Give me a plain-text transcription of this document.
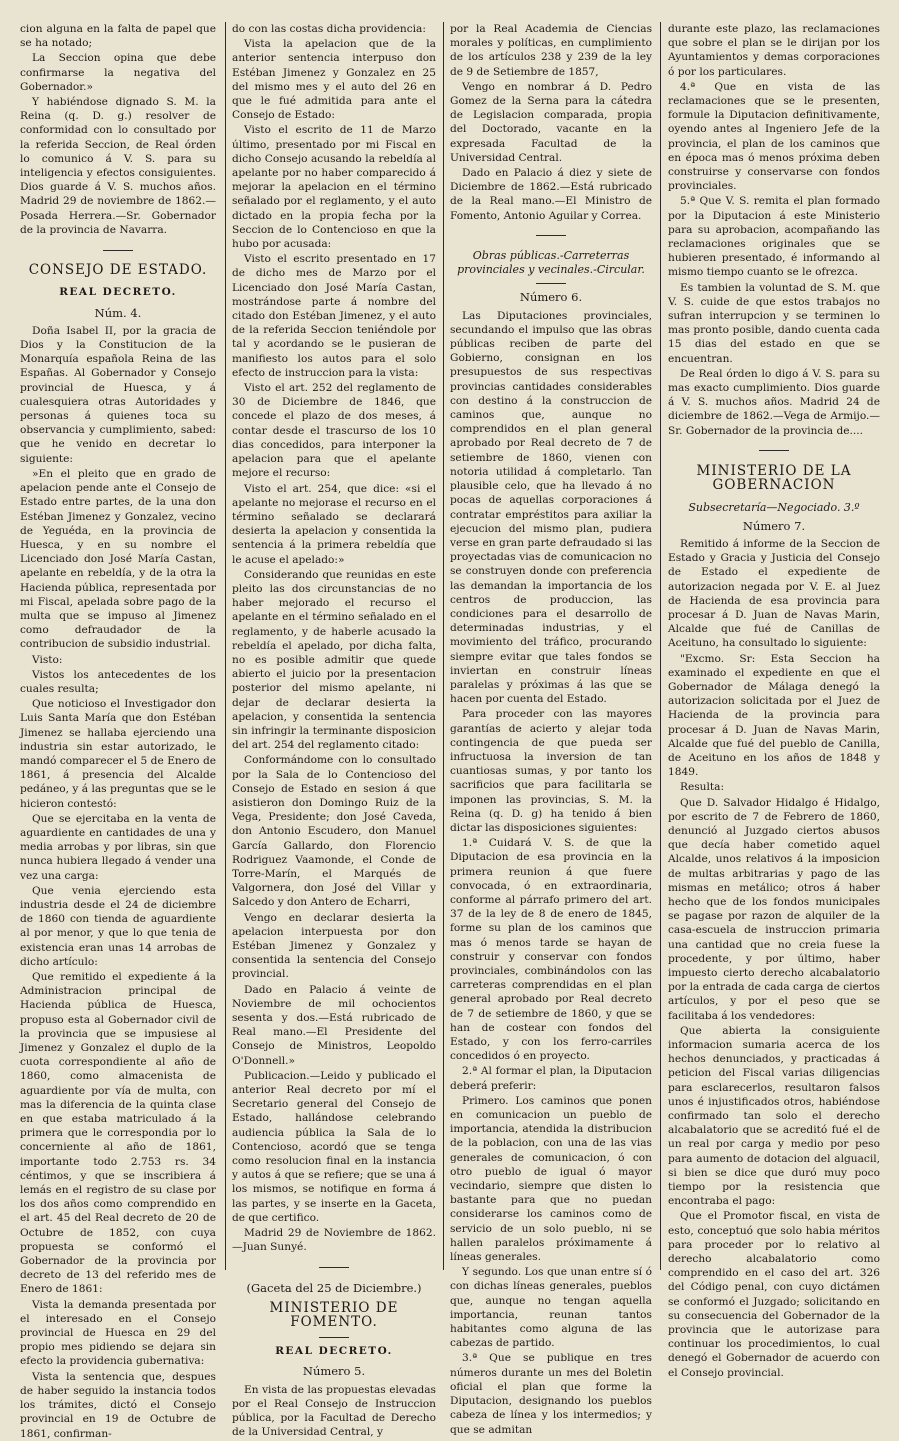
cion alguna en la falta de papel que se ha notado;

La Seccion opina que debe confirmarse la negativa del Gobernador.»

Y habiéndose dignado S. M. la Reina (q. D. g.) resolver de conformidad con lo consultado por la referida Seccion, de Real órden lo comunico á V. S. para su inteligencia y efectos consiguientes. Dios guarde á V. S. muchos años. Madrid 29 de noviembre de 1862.—Posada Herrera.—Sr. Gobernador de la provincia de Navarra.

CONSEJO DE ESTADO.

REAL DECRETO.

Núm. 4.

Doña Isabel II, por la gracia de Dios y la Constitucion de la Monarquía española Reina de las Españas. Al Gobernador y Consejo provincial de Huesca, y á cualesquiera otras Autoridades y personas á quienes toca su observancia y cumplimiento, sabed: que he venido en decretar lo siguiente:

»En el pleito que en grado de apelacion pende ante el Consejo de Estado entre partes, de la una don Estéban Jimenez y Gonzalez, vecino de Yeguéda, en la provincia de Huesca, y en su nombre el Licenciado don José María Castan, apelante en rebeldía, y de la otra la Hacienda pública, representada por mi Fiscal, apelada sobre pago de la multa que se impuso al Jimenez como defraudador de la contribucion de subsidio industrial.

Visto:

Vistos los antecedentes de los cuales resulta;

Que noticioso el Investigador don Luis Santa María que don Estéban Jimenez se hallaba ejerciendo una industria sin estar autorizado, le mandó comparecer el 5 de Enero de 1861, á presencia del Alcalde pedáneo, y á las preguntas que se le hicieron contestó:

Que se ejercitaba en la venta de aguardiente en cantidades de una y media arrobas y por libras, sin que nunca hubiera llegado á vender una vez una carga:

Que venia ejerciendo esta industria desde el 24 de diciembre de 1860 con tienda de aguardiente al por menor, y que lo que tenia de existencia eran unas 14 arrobas de dicho artículo:

Que remitido el expediente á la Administracion principal de Hacienda pública de Huesca, propuso esta al Gobernador civil de la provincia que se impusiese al Jimenez y Gonzalez el duplo de la cuota correspondiente al año de 1860, como almacenista de aguardiente por vía de multa, con mas la diferencia de la quinta clase en que estaba matriculado á la primera que le correspondia por lo concerniente al año de 1861, importante todo 2.753 rs. 34 céntimos, y que se inscribiera á lemás en el registro de su clase por los dos años como comprendido en el art. 45 del Real decreto de 20 de Octubre de 1852, con cuya propuesta se conformó el Gobernador de la provincia por decreto de 13 del referido mes de Enero de 1861:

Vista la demanda presentada por el interesado en el Consejo provincial de Huesca en 29 del propio mes pidiendo se dejara sin efecto la providencia gubernativa:

Vista la sentencia que, despues de haber seguido la instancia todos los trámites, dictó el Consejo provincial en 19 de Octubre de 1861, confirman-

do con las costas dicha providencia:

Vista la apelacion que de la anterior sentencia interpuso don Estéban Jimenez y Gonzalez en 25 del mismo mes y el auto del 26 en que le fué admitida para ante el Consejo de Estado:

Visto el escrito de 11 de Marzo último, presentado por mi Fiscal en dicho Consejo acusando la rebeldía al apelante por no haber comparecido á mejorar la apelacion en el término señalado por el reglamento, y el auto dictado en la propia fecha por la Seccion de lo Contencioso en que la hubo por acusada:

Visto el escrito presentado en 17 de dicho mes de Marzo por el Licenciado don José María Castan, mostrándose parte á nombre del citado don Estéban Jimenez, y el auto de la referida Seccion teniéndole por tal y acordando se le pusieran de manifiesto los autos para el solo efecto de instruccion para la vista:

Visto el art. 252 del reglamento de 30 de Diciembre de 1846, que concede el plazo de dos meses, á contar desde el trascurso de los 10 dias concedidos, para interponer la apelacion para que el apelante mejore el recurso:

Visto el art. 254, que dice: «si el apelante no mejorase el recurso en el término señalado se declarará desierta la apelacion y consentida la sentencia á la primera rebeldía que le acuse el apelado:»

Considerando que reunidas en este pleito las dos circunstancias de no haber mejorado el recurso el apelante en el término señalado en el reglamento, y de haberle acusado la rebeldía el apelado, por dicha falta, no es posible admitir que quede abierto el juicio por la presentacion posterior del mismo apelante, ni dejar de declarar desierta la apelacion, y consentida la sentencia sin infringir la terminante disposicion del art. 254 del reglamento citado:

Conformándome con lo consultado por la Sala de lo Contencioso del Consejo de Estado en sesion á que asistieron don Domingo Ruiz de la Vega, Presidente; don José Caveda, don Antonio Escudero, don Manuel García Gallardo, don Florencio Rodriguez Vaamonde, el Conde de Torre-Marín, el Marqués de Valgornera, don José del Villar y Salcedo y don Antero de Echarri,

Vengo en declarar desierta la apelacion interpuesta por don Estéban Jimenez y Gonzalez y consentida la sentencia del Consejo provincial.

Dado en Palacio á veinte de Noviembre de mil ochocientos sesenta y dos.—Está rubricado de Real mano.—El Presidente del Consejo de Ministros, Leopoldo O'Donnell.»

Publicacion.—Leido y publicado el anterior Real decreto por mí el Secretario general del Consejo de Estado, hallándose celebrando audiencia pública la Sala de lo Contencioso, acordó que se tenga como resolucion final en la instancia y autos á que se refiere; que se una á los mismos, se notifique en forma á las partes, y se inserte en la Gaceta, de que certifico.

Madrid 29 de Noviembre de 1862.—Juan Sunyé.

(Gaceta del 25 de Diciembre.)

MINISTERIO DE FOMENTO.

REAL DECRETO.

Número 5.

En vista de las propuestas elevadas por el Real Consejo de Instruccion pública, por la Facultad de Derecho de la Universidad Central, y

por la Real Academia de Ciencias morales y políticas, en cumplimiento de los artículos 238 y 239 de la ley de 9 de Setiembre de 1857,

Vengo en nombrar á D. Pedro Gomez de la Serna para la cátedra de Legislacion comparada, propia del Doctorado, vacante en la expresada Facultad de la Universidad Central.

Dado en Palacio á diez y siete de Diciembre de 1862.—Está rubricado de la Real mano.—El Ministro de Fomento, Antonio Aguilar y Correa.

Obras públicas.-Carreterras provinciales y vecinales.-Circular.

Número 6.

Las Diputaciones provinciales, secundando el impulso que las obras públicas reciben de parte del Gobierno, consignan en los presupuestos de sus respectivas provincias cantidades considerables con destino á la construccion de caminos que, aunque no comprendidos en el plan general aprobado por Real decreto de 7 de setiembre de 1860, vienen con notoria utilidad á completarlo. Tan plausible celo, que ha llevado á no pocas de aquellas corporaciones á contratar empréstitos para axiliar la ejecucion del mismo plan, pudiera verse en gran parte defraudado si las proyectadas vias de comunicacion no se construyen donde con preferencia las demandan la importancia de los centros de produccion, las condiciones para el desarrollo de determinadas industrias, y el movimiento del tráfico, procurando siempre evitar que tales fondos se inviertan en construir líneas paralelas y próximas á las que se hacen por cuenta del Estado.

Para proceder con las mayores garantías de acierto y alejar toda contingencia de que pueda ser infructuosa la inversion de tan cuantiosas sumas, y por tanto los sacrificios que para facilitarla se imponen las provincias, S. M. la Reina (q. D. g) ha tenido á bien dictar las disposiciones siguientes:

1.ª Cuidará V. S. de que la Diputacion de esa provincia en la primera reunion á que fuere convocada, ó en extraordinaria, conforme al párrafo primero del art. 37 de la ley de 8 de enero de 1845, forme su plan de los caminos que mas ó menos tarde se hayan de construir y conservar con fondos provinciales, combinándolos con las carreteras comprendidas en el plan general aprobado por Real decreto de 7 de setiembre de 1860, y que se han de costear con fondos del Estado, y con los ferro-carriles concedidos ó en proyecto.

2.ª Al formar el plan, la Diputacion deberá preferir:

Primero. Los caminos que ponen en comunicacion un pueblo de importancia, atendida la distribucion de la poblacion, con una de las vias generales de comunicacion, ó con otro pueblo de igual ó mayor vecindario, siempre que disten lo bastante para que no puedan considerarse los caminos como de servicio de un solo pueblo, ni se hallen paralelos próximamente á líneas generales.

Y segundo. Los que unan entre sí ó con dichas líneas generales, pueblos que, aunque no tengan aquella importancia, reunan tantos habitantes como alguna de las cabezas de partido.

3.ª Que se publique en tres números durante un mes del Boletin oficial el plan que forme la Diputacion, designando los pueblos cabeza de línea y los intermedios; y que se admitan

durante este plazo, las reclamaciones que sobre el plan se le dirijan por los Ayuntamientos y demas corporaciones ó por los particulares.

4.ª Que en vista de las reclamaciones que se le presenten, formule la Diputacion definitivamente, oyendo antes al Ingeniero Jefe de la provincia, el plan de los caminos que en época mas ó menos próxima deben construirse y conservarse con fondos provinciales.

5.ª Que V. S. remita el plan formado por la Diputacion á este Ministerio para su aprobacion, acompañando las reclamaciones originales que se hubieren presentado, é informando al mismo tiempo cuanto se le ofrezca.

Es tambien la voluntad de S. M. que V. S. cuide de que estos trabajos no sufran interrupcion y se terminen lo mas pronto posible, dando cuenta cada 15 dias del estado en que se encuentran.

De Real órden lo digo á V. S. para su mas exacto cumplimiento. Dios guarde á V. S. muchos años. Madrid 24 de diciembre de 1862.—Vega de Armijo.—Sr. Gobernador de la provincia de....

MINISTERIO DE LA GOBERNACION

Subsecretaría—Negociado. 3.º

Número 7.

Remitido á informe de la Seccion de Estado y Gracia y Justicia del Consejo de Estado el expediente de autorizacion negada por V. E. al Juez de Hacienda de esa provincia para procesar á D. Juan de Navas Marin, Alcalde que fué de Canillas de Aceituno, ha consultado lo siguiente:

"Excmo. Sr: Esta Seccion ha examinado el expediente en que el Gobernador de Málaga denegó la autorizacion solicitada por el Juez de Hacienda de la provincia para procesar á D. Juan de Navas Marin, Alcalde que fué del pueblo de Canilla, de Aceituno en los años de 1848 y 1849.

Resulta:

Que D. Salvador Hidalgo é Hidalgo, por escrito de 7 de Febrero de 1860, denunció al Juzgado ciertos abusos que decía haber cometido aquel Alcalde, unos relativos á la imposicion de multas arbitrarias y pago de las mismas en metálico; otros á haber hecho que de los fondos municipales se pagase por razon de alquiler de la casa-escuela de instruccion primaria una cantidad que no creia fuese la procedente, y por último, haber impuesto cierto derecho alcabalatorio por la entrada de cada carga de ciertos artículos, y por el peso que se facilitaba á los vendedores:

Que abierta la consiguiente informacion sumaria acerca de los hechos denunciados, y practicadas á peticion del Fiscal varias diligencias para esclarecerlos, resultaron falsos unos é injustificados otros, habiéndose confirmado tan solo el derecho alcabalatorio que se acreditó fué el de un real por carga y medio por peso para aumento de dotacion del alguacil, si bien se dice que duró muy poco tiempo por la resistencia que encontraba el pago:

Que el Promotor fiscal, en vista de esto, conceptuó que solo habia méritos para proceder por lo relativo al derecho alcabalatorio como comprendido en el caso del art. 326 del Código penal, con cuyo dictámen se conformó el Juzgado; solicitando en su consecuencia del Gobernador de la provincia que le autorizase para continuar los procedimientos, lo cual denegó el Gobernador de acuerdo con el Consejo provincial.
